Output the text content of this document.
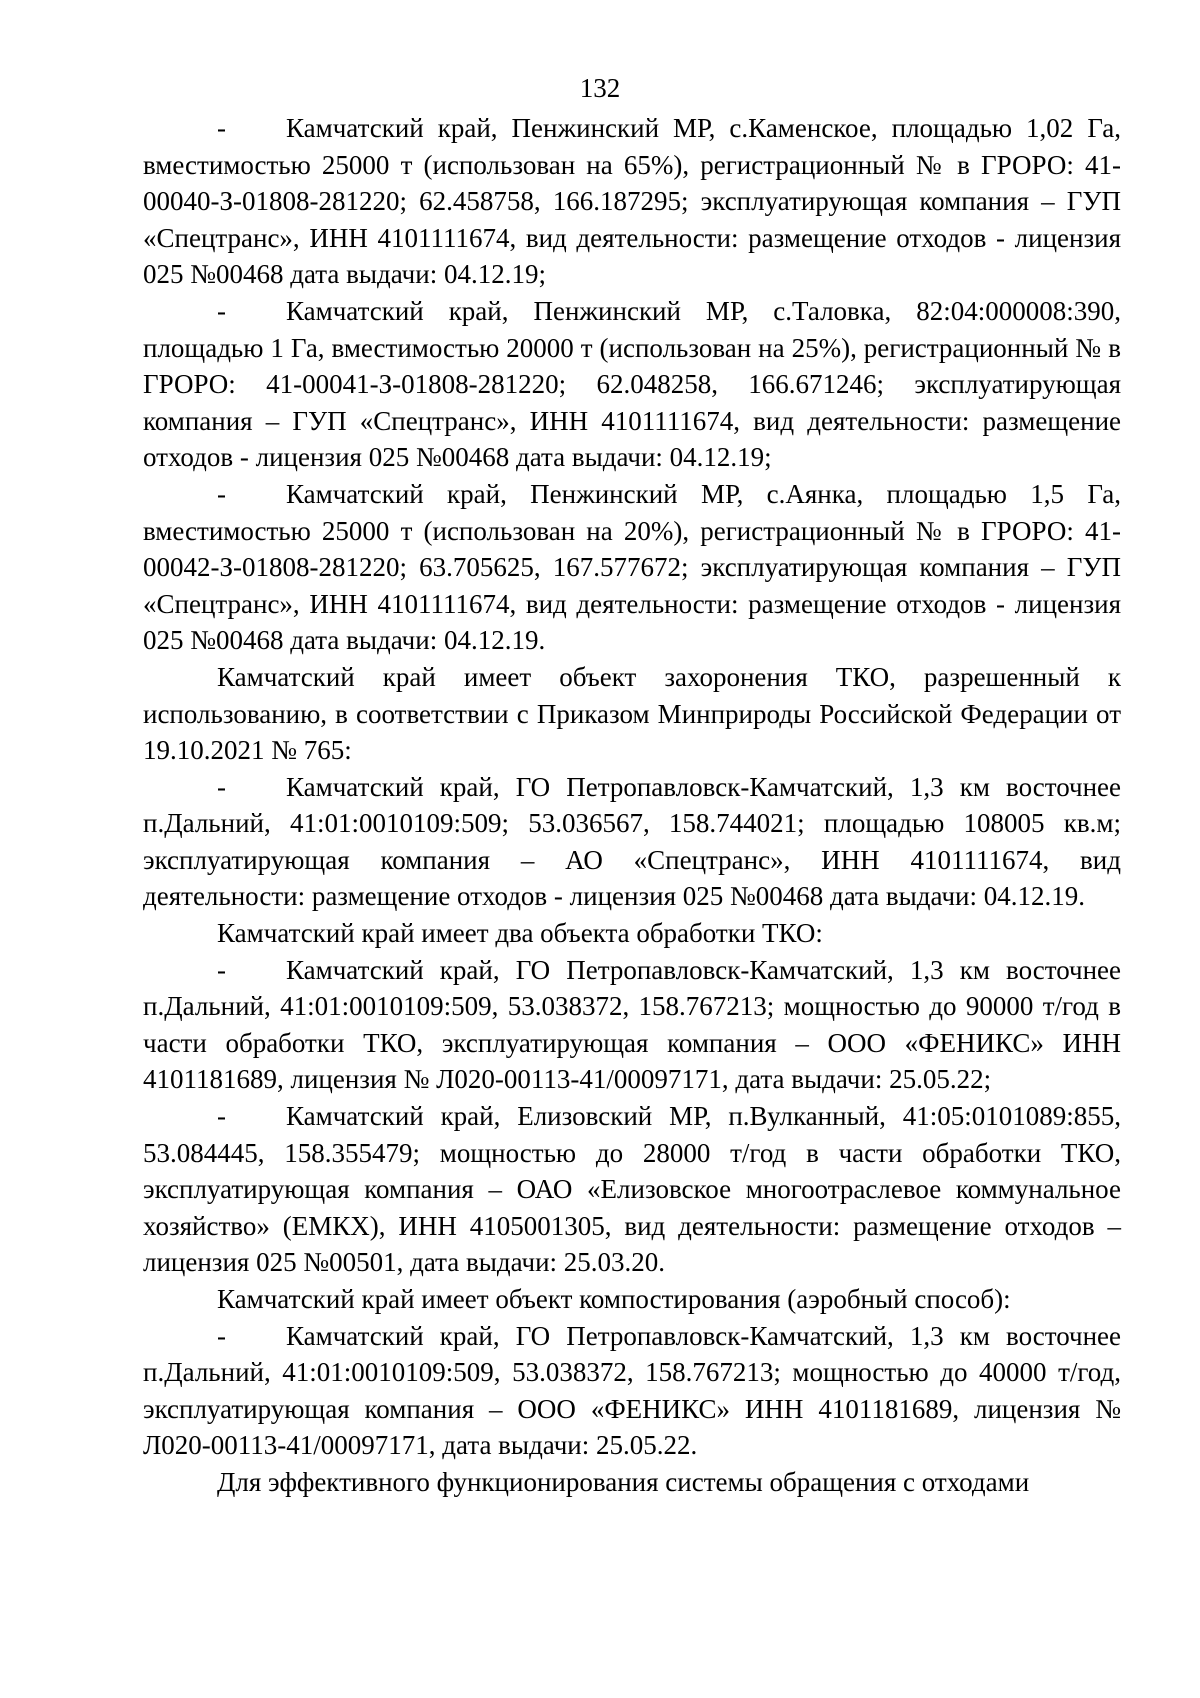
132
- Камчатский край, Пенжинский МР, с.Каменское, площадью 1,02 Га, вместимостью 25000 т (использован на 65%), регистрационный № в ГРОРО: 41-00040-З-01808-281220; 62.458758, 166.187295; эксплуатирующая компания – ГУП «Спецтранс», ИНН 4101111674, вид деятельности: размещение отходов - лицензия 025 №00468 дата выдачи: 04.12.19;
- Камчатский край, Пенжинский МР, с.Таловка, 82:04:000008:390, площадью 1 Га, вместимостью 20000 т (использован на 25%), регистрационный № в ГРОРО: 41-00041-З-01808-281220; 62.048258, 166.671246; эксплуатирующая компания – ГУП «Спецтранс», ИНН 4101111674, вид деятельности: размещение отходов - лицензия 025 №00468 дата выдачи: 04.12.19;
- Камчатский край, Пенжинский МР, с.Аянка, площадью 1,5 Га, вместимостью 25000 т (использован на 20%), регистрационный № в ГРОРО: 41-00042-З-01808-281220; 63.705625, 167.577672; эксплуатирующая компания – ГУП «Спецтранс», ИНН 4101111674, вид деятельности: размещение отходов - лицензия 025 №00468 дата выдачи: 04.12.19.

Камчатский край имеет объект захоронения ТКО, разрешенный к использованию, в соответствии с Приказом Минприроды Российской Федерации от 19.10.2021 № 765:

- Камчатский край, ГО Петропавловск-Камчатский, 1,3 км восточнее п.Дальний, 41:01:0010109:509; 53.036567, 158.744021; площадью 108005 кв.м; эксплуатирующая компания – АО «Спецтранс», ИНН 4101111674, вид деятельности: размещение отходов - лицензия 025 №00468 дата выдачи: 04.12.19.

Камчатский край имеет два объекта обработки ТКО:

- Камчатский край, ГО Петропавловск-Камчатский, 1,3 км восточнее п.Дальний, 41:01:0010109:509, 53.038372, 158.767213; мощностью до 90000 т/год в части обработки ТКО, эксплуатирующая компания – ООО «ФЕНИКС» ИНН 4101181689, лицензия № Л020-00113-41/00097171, дата выдачи: 25.05.22;
- Камчатский край, Елизовский МР, п.Вулканный, 41:05:0101089:855, 53.084445, 158.355479; мощностью до 28000 т/год в части обработки ТКО, эксплуатирующая компания – ОАО «Елизовское многоотраслевое коммунальное хозяйство» (ЕМКХ), ИНН 4105001305, вид деятельности: размещение отходов – лицензия 025 №00501, дата выдачи: 25.03.20.

Камчатский край имеет объект компостирования (аэробный способ):

- Камчатский край, ГО Петропавловск-Камчатский, 1,3 км восточнее п.Дальний, 41:01:0010109:509, 53.038372, 158.767213; мощностью до 40000 т/год, эксплуатирующая компания – ООО «ФЕНИКС» ИНН 4101181689, лицензия № Л020-00113-41/00097171, дата выдачи: 25.05.22.

Для эффективного функционирования системы обращения с отходами
